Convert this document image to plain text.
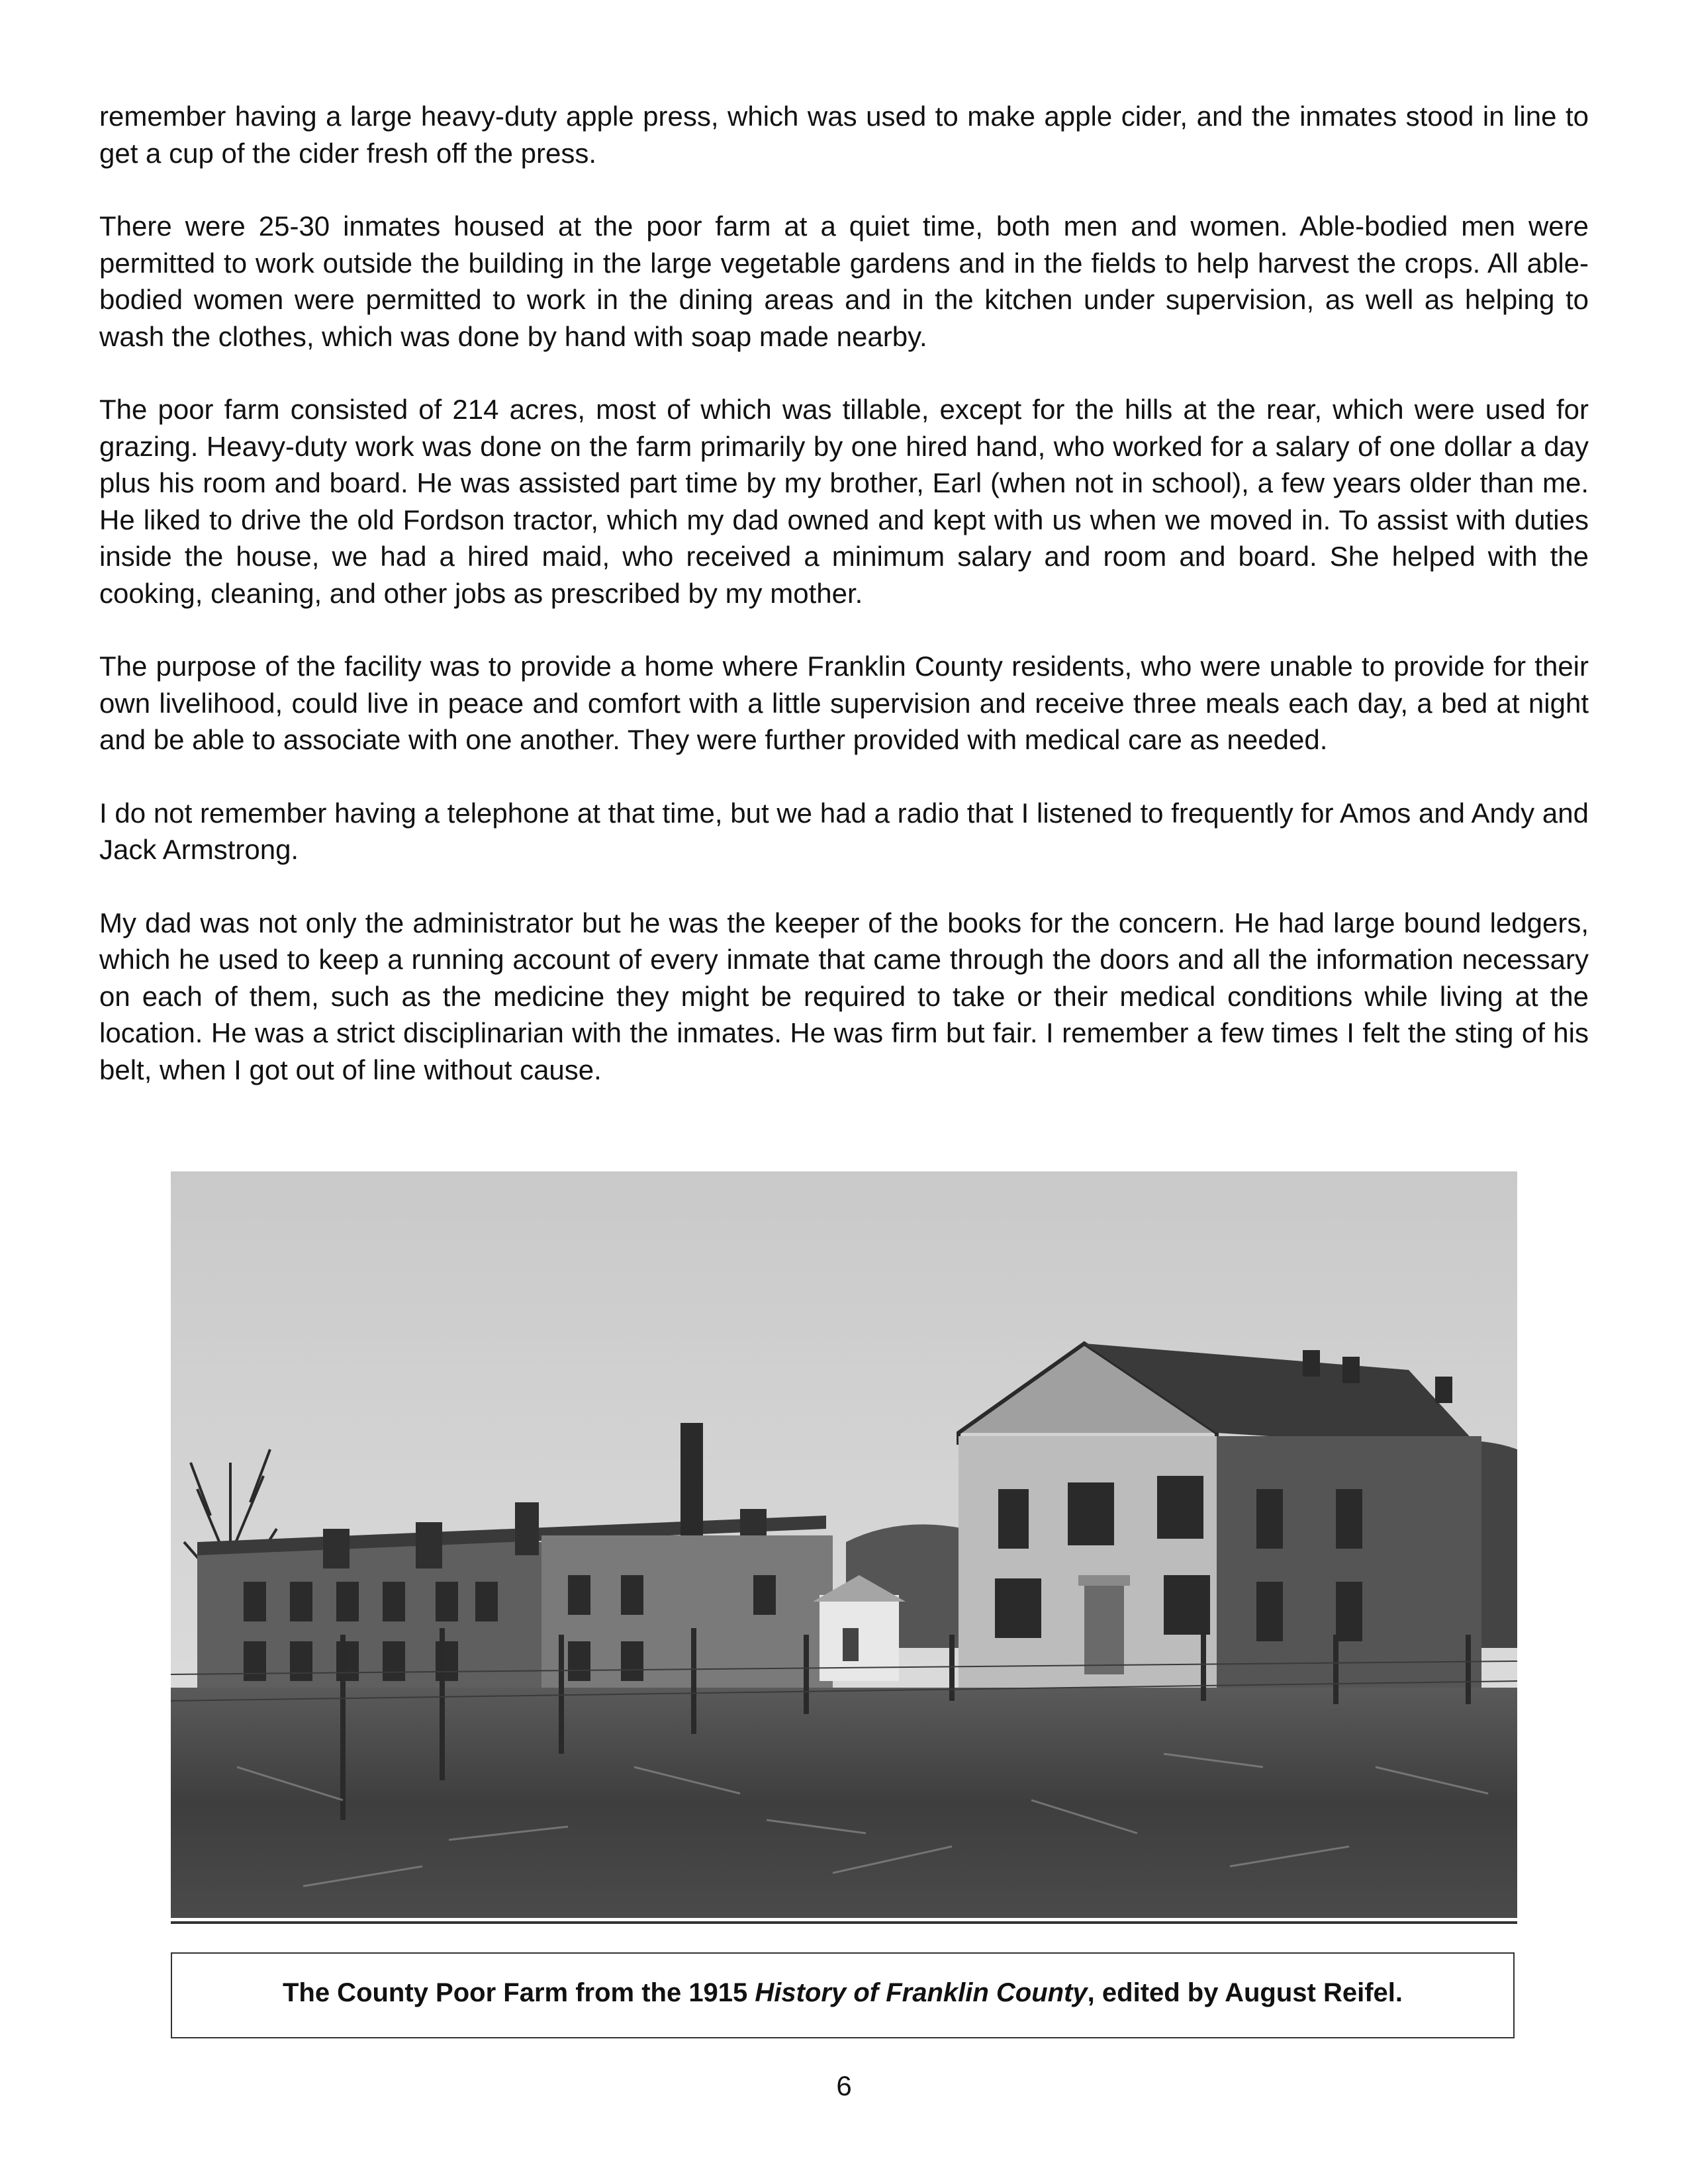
remember having a large heavy-duty apple press, which was used to make apple cider, and the inmates stood in line to get a cup of the cider fresh off the press.

There were 25-30 inmates housed at the poor farm at a quiet time, both men and women. Able-bodied men were permitted to work outside the building in the large vegetable gardens and in the fields to help harvest the crops. All able-bodied women were permitted to work in the dining areas and in the kitchen under supervision, as well as helping to wash the clothes, which was done by hand with soap made nearby.

The poor farm consisted of 214 acres, most of which was tillable, except for the hills at the rear, which were used for grazing. Heavy-duty work was done on the farm primarily by one hired hand, who worked for a salary of one dollar a day plus his room and board. He was assisted part time by my brother, Earl (when not in school), a few years older than me. He liked to drive the old Fordson tractor, which my dad owned and kept with us when we moved in. To assist with duties inside the house, we had a hired maid, who received a minimum salary and room and board. She helped with the cooking, cleaning, and other jobs as prescribed by my mother.

The purpose of the facility was to provide a home where Franklin County residents, who were unable to provide for their own livelihood, could live in peace and comfort with a little supervision and receive three meals each day, a bed at night and be able to associate with one another. They were further provided with medical care as needed.

I do not remember having a telephone at that time, but we had a radio that I listened to frequently for Amos and Andy and Jack Armstrong.

My dad was not only the administrator but he was the keeper of the books for the concern. He had large bound ledgers, which he used to keep a running account of every inmate that came through the doors and all the information necessary on each of them, such as the medicine they might be required to take or their medical conditions while living at the location. He was a strict disciplinarian with the inmates. He was firm but fair. I remember a few times I felt the sting of his belt, when I got out of line without cause.

The County Poor Farm from the 1915 History of Franklin County, edited by August Reifel.

6
